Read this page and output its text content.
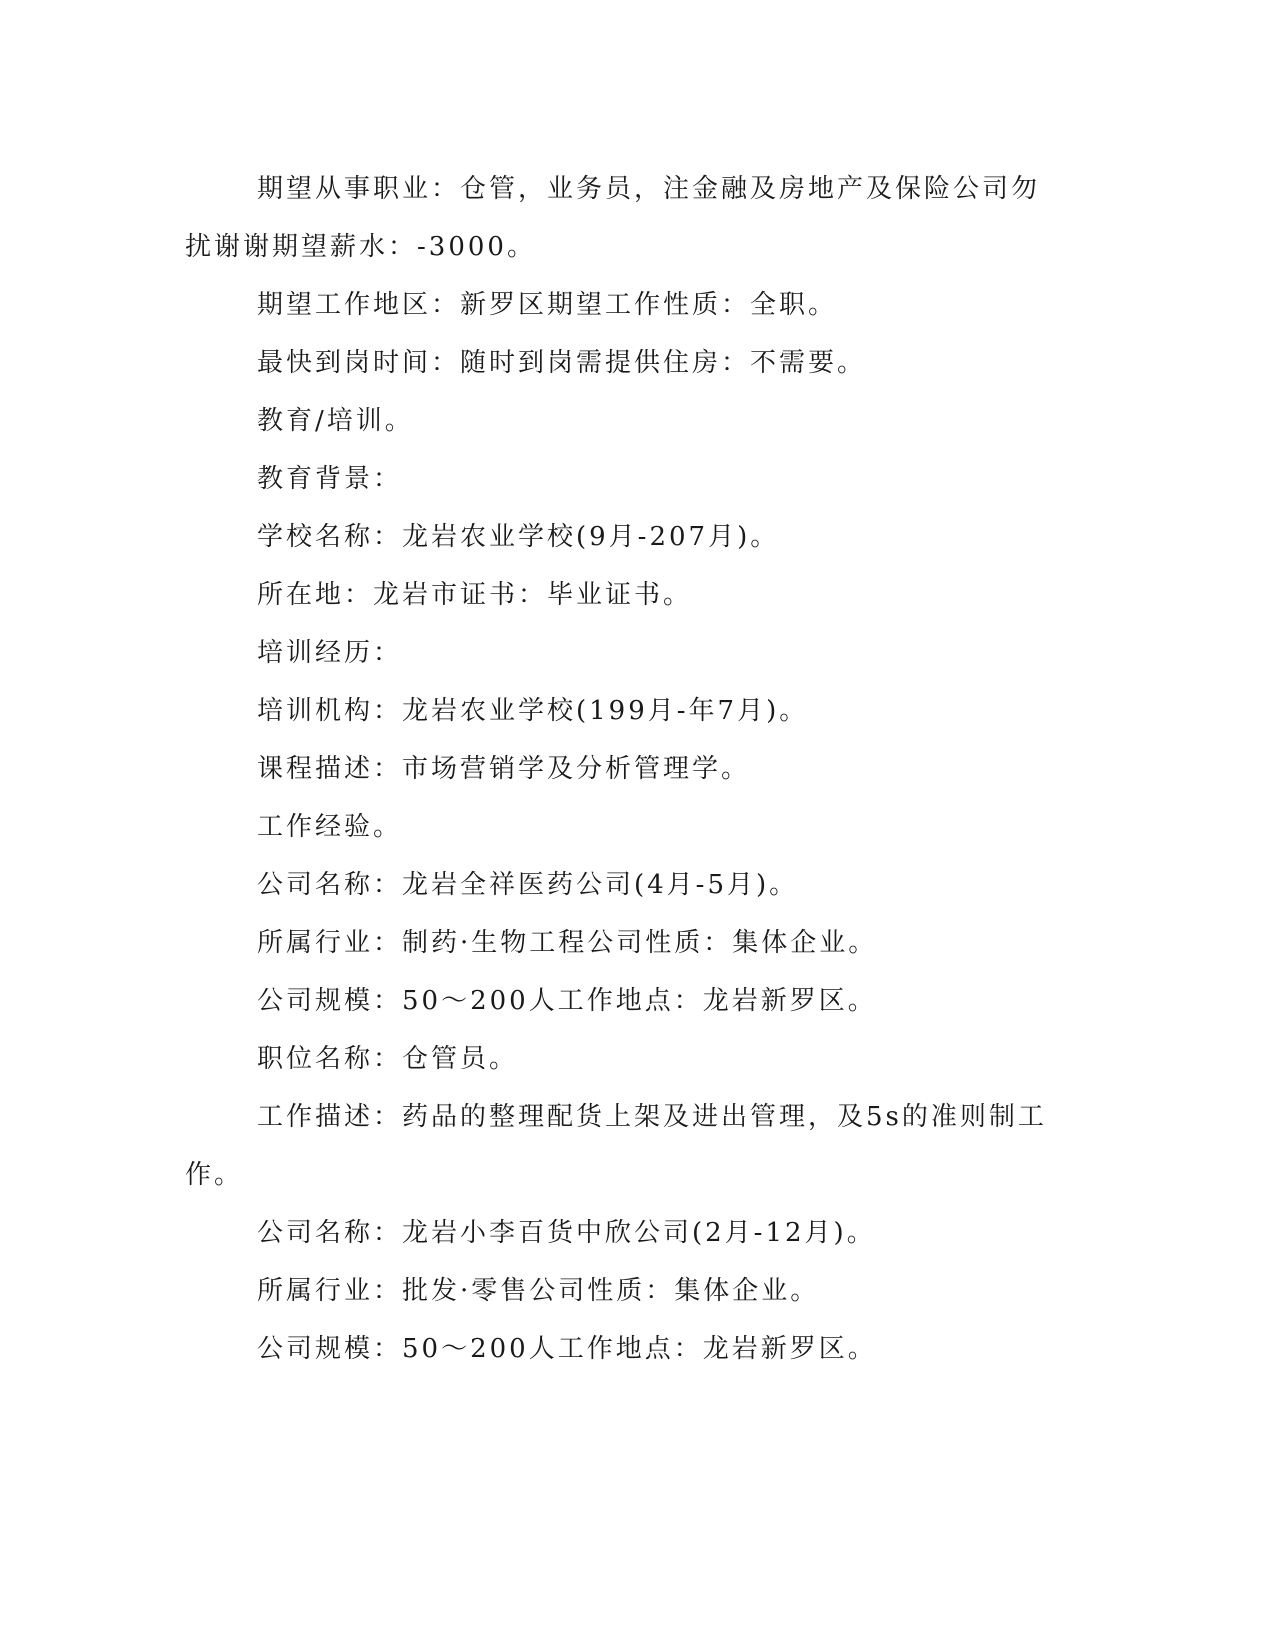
期望从事职业：仓管，业务员，注金融及房地产及保险公司勿扰谢谢期望薪水：-3000。

期望工作地区：新罗区期望工作性质：全职。

最快到岗时间：随时到岗需提供住房：不需要。

教育/培训。

教育背景：

学校名称：龙岩农业学校(9月-207月)。

所在地：龙岩市证书：毕业证书。

培训经历：

培训机构：龙岩农业学校(199月-年7月)。

课程描述：市场营销学及分析管理学。

工作经验。

公司名称：龙岩全祥医药公司(4月-5月)。

所属行业：制药·生物工程公司性质：集体企业。

公司规模：50～200人工作地点：龙岩新罗区。

职位名称：仓管员。

工作描述：药品的整理配货上架及进出管理，及5s的准则制工作。

公司名称：龙岩小李百货中欣公司(2月-12月)。

所属行业：批发·零售公司性质：集体企业。

公司规模：50～200人工作地点：龙岩新罗区。
